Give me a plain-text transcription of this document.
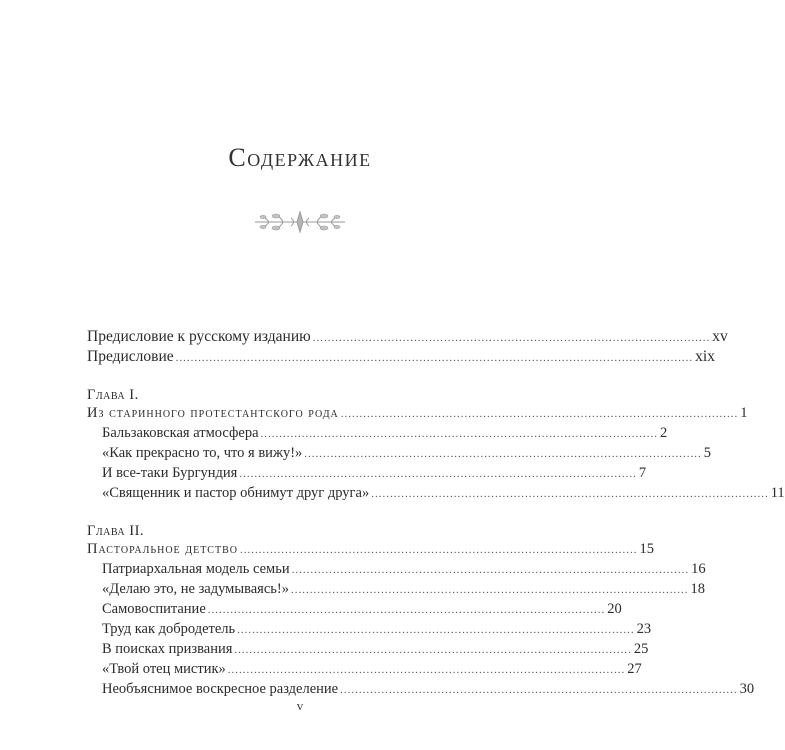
Содержание
Предисловие к русскому изданию .......................................................................................................... xv
Предисловие .......................................................................................................................................... xix
Глава I.
Из старинного протестантского рода .......................................................................................................... 1
Бальзаковская атмосфера .......................................................................................................... 2
«Как прекрасно то, что я вижу!» .......................................................................................................... 5
И все-таки Бургундия .......................................................................................................... 7
«Священник и пастор обнимут друг друга» .......................................................................................................... 11
Глава II.
Пасторальное детство .......................................................................................................... 15
Патриархальная модель семьи .......................................................................................................... 16
«Делаю это, не задумываясь!» .......................................................................................................... 18
Самовоспитание .......................................................................................................... 20
Труд как добродетель .......................................................................................................... 23
В поисках призвания .......................................................................................................... 25
«Твой отец мистик» .......................................................................................................... 27
Необъяснимое воскресное разделение .......................................................................................................... 30
v
